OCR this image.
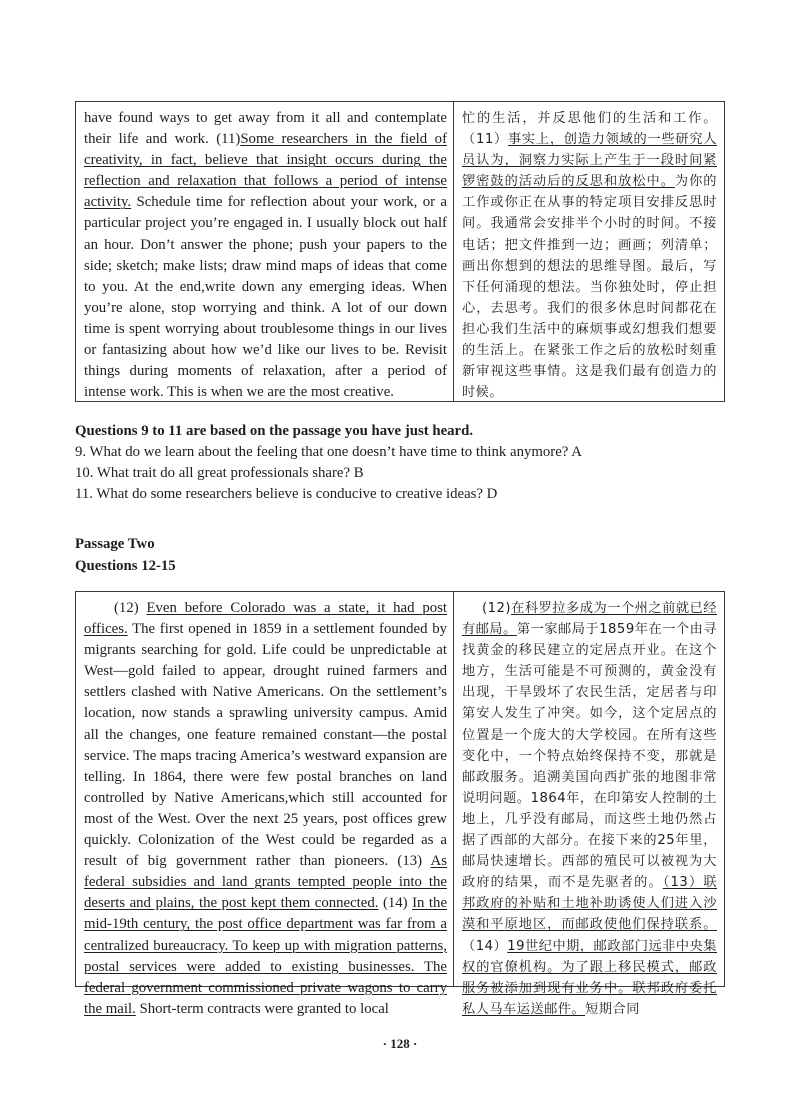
have found ways to get away from it all and contemplate their life and work. (11)Some researchers in the field of creativity, in fact, believe that insight occurs during the reflection and relaxation that follows a period of intense activity. Schedule time for reflection about your work, or a particular project you’re engaged in. I usually block out half an hour. Don’t answer the phone; push your papers to the side; sketch; make lists; draw mind maps of ideas that come to you. At the end,write down any emerging ideas. When you’re alone, stop worrying and think. A lot of our down time is spent worrying about troublesome things in our lives or fantasizing about how we’d like our lives to be. Revisit things during moments of relaxation, after a period of intense work. This is when we are the most creative.
忙的生活，并反思他们的生活和工作。（11）事实上，创造力领域的一些研究人员认为，洞察力实际上产生于一段时间紧锣密鼓的活动后的反思和放松中。为你的工作或你正在从事的特定项目安排反思时间。我通常会安排半个小时的时间。不接电话；把文件推到一边；画画；列清单；画出你想到的想法的思维导图。最后，写下任何涌现的想法。当你独处时，停止担心，去思考。我们的很多休息时间都花在担心我们生活中的麻烦事或幻想我们想要的生活上。在紧张工作之后的放松时刻重新审视这些事情。这是我们最有创造力的时候。
Questions 9 to 11 are based on the passage you have just heard.
9. What do we learn about the feeling that one doesn’t have time to think anymore? A
10. What trait do all great professionals share? B
11. What do some researchers believe is conducive to creative ideas? D
Passage Two
Questions 12-15
(12) Even before Colorado was a state, it had post offices. The first opened in 1859 in a settlement founded by migrants searching for gold. Life could be unpredictable at West—gold failed to appear, drought ruined farmers and settlers clashed with Native Americans. On the settlement’s location, now stands a sprawling university campus. Amid all the changes, one feature remained constant—the postal service. The maps tracing America’s westward expansion are telling. In 1864, there were few postal branches on land controlled by Native Americans,which still accounted for most of the West. Over the next 25 years, post offices grew quickly. Colonization of the West could be regarded as a result of big government rather than pioneers. (13) As federal subsidies and land grants tempted people into the deserts and plains, the post kept them connected. (14) In the mid-19th century, the post office department was far from a centralized bureaucracy. To keep up with migration patterns, postal services were added to existing businesses. The federal government commissioned private wagons to carry the mail. Short-term contracts were granted to local
(12)在科罗拉多成为一个州之前就已经有邮局。第一家邮局于1859年在一个由寻找黄金的移民建立的定居点开业。在这个地方，生活可能是不可预测的，黄金没有出现，干旱毁坏了农民生活，定居者与印第安人发生了冲突。如今，这个定居点的位置是一个庞大的大学校园。在所有这些变化中，一个特点始终保持不变，那就是邮政服务。追溯美国向西扩张的地图非常说明问题。1864年，在印第安人控制的土地上，几乎没有邮局，而这些土地仍然占据了西部的大部分。在接下来的25年里，邮局快速增长。西部的殖民可以被视为大政府的结果，而不是先驱者的。（13）联邦政府的补贴和土地补助诱使人们进入沙漠和平原地区，而邮政使他们保持联系。（14）19世纪中期，邮政部门远非中央集权的官僚机构。为了跟上移民模式，邮政服务被添加到现有业务中。联邦政府委托私人马车运送邮件。短期合同
· 128 ·
